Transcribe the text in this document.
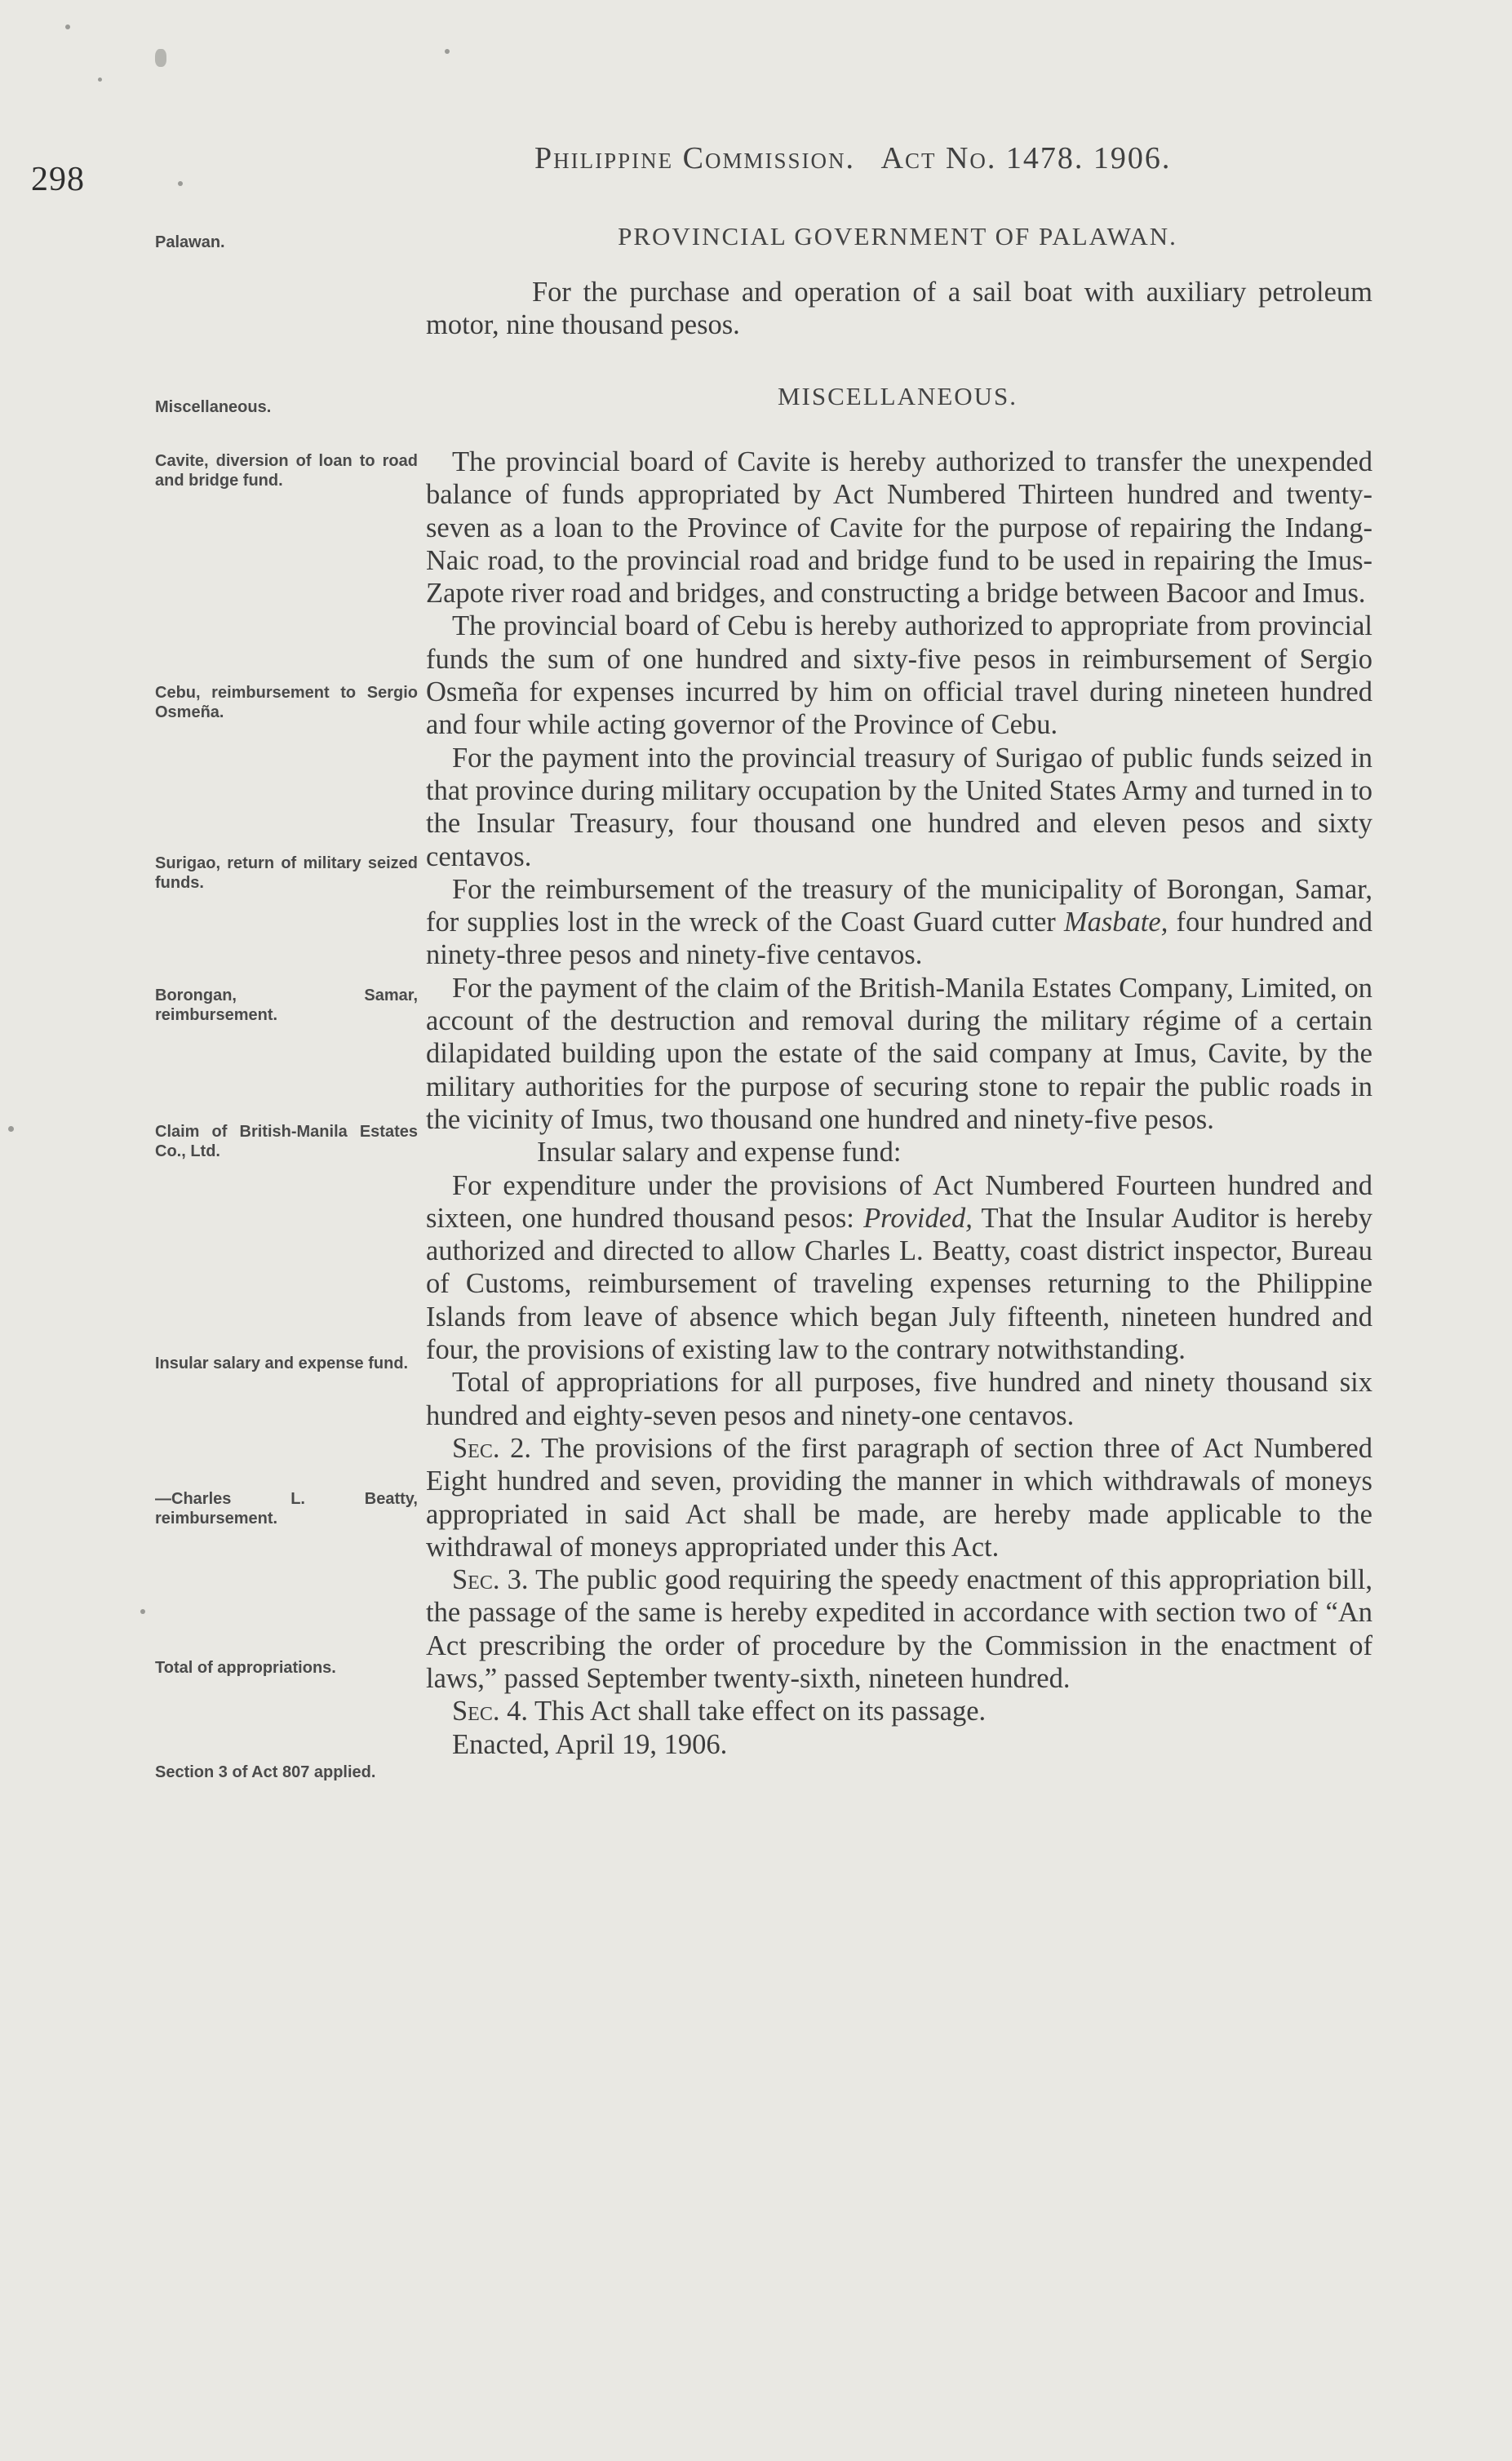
298
Philippine Commission. Act No. 1478. 1906.
PROVINCIAL GOVERNMENT OF PALAWAN.
Palawan.

For the purchase and operation of a sail boat with auxiliary petroleum motor, nine thousand pesos.

MISCELLANEOUS.
Miscellaneous.
Cavite, diversion of loan to road and bridge fund.
Cebu, reimbursement to Sergio Osmeña.
Surigao, return of military seized funds.
Borongan, Samar, reimbursement.
Claim of British-Manila Estates Co., Ltd.
Insular salary and expense fund.
—Charles L. Beatty, reimbursement.
Total of appropriations.
Section 3 of Act 807 applied.

The provincial board of Cavite is hereby authorized to transfer the unexpended balance of funds appropriated by Act Numbered Thirteen hundred and twenty-seven as a loan to the Province of Cavite for the purpose of repairing the Indang-Naic road, to the provincial road and bridge fund to be used in repairing the Imus-Zapote river road and bridges, and constructing a bridge between Bacoor and Imus.

The provincial board of Cebu is hereby authorized to appropriate from provincial funds the sum of one hundred and sixty-five pesos in reimbursement of Sergio Osmeña for expenses incurred by him on official travel during nineteen hundred and four while acting governor of the Province of Cebu.

For the payment into the provincial treasury of Surigao of public funds seized in that province during military occupation by the United States Army and turned in to the Insular Treasury, four thousand one hundred and eleven pesos and sixty centavos.

For the reimbursement of the treasury of the municipality of Borongan, Samar, for supplies lost in the wreck of the Coast Guard cutter Masbate, four hundred and ninety-three pesos and ninety-five centavos.

For the payment of the claim of the British-Manila Estates Company, Limited, on account of the destruction and removal during the military régime of a certain dilapidated building upon the estate of the said company at Imus, Cavite, by the military authorities for the purpose of securing stone to repair the public roads in the vicinity of Imus, two thousand one hundred and ninety-five pesos.

Insular salary and expense fund:

For expenditure under the provisions of Act Numbered Fourteen hundred and sixteen, one hundred thousand pesos: Provided, That the Insular Auditor is hereby authorized and directed to allow Charles L. Beatty, coast district inspector, Bureau of Customs, reimbursement of traveling expenses returning to the Philippine Islands from leave of absence which began July fifteenth, nineteen hundred and four, the provisions of existing law to the contrary notwithstanding.

Total of appropriations for all purposes, five hundred and ninety thousand six hundred and eighty-seven pesos and ninety-one centavos.

Sec. 2. The provisions of the first paragraph of section three of Act Numbered Eight hundred and seven, providing the manner in which withdrawals of moneys appropriated in said Act shall be made, are hereby made applicable to the withdrawal of moneys appropriated under this Act.

Sec. 3. The public good requiring the speedy enactment of this appropriation bill, the passage of the same is hereby expedited in accordance with section two of “An Act prescribing the order of procedure by the Commission in the enactment of laws,” passed September twenty-sixth, nineteen hundred.

Sec. 4. This Act shall take effect on its passage.

Enacted, April 19, 1906.
